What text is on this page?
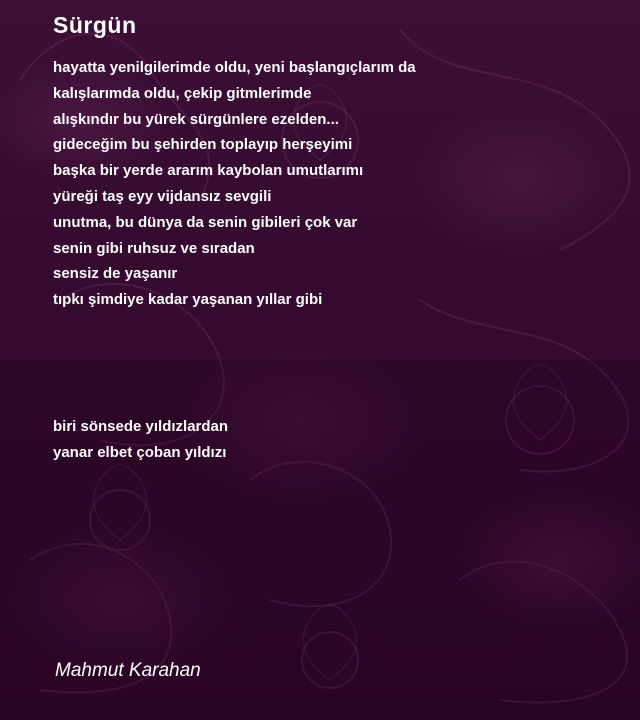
Sürgün
hayatta yenilgilerimde oldu, yeni başlangıçlarım da
kalışlarımda oldu, çekip gitmlerimde
alışkındır bu yürek sürgünlere ezelden...
gideceğim bu şehirden toplayıp herşeyimi
başka bir yerde ararım kaybolan umutlarımı
yüreği taş eyy vijdansız sevgili
unutma, bu dünya da senin gibileri çok var
senin gibi ruhsuz ve sıradan
sensiz de yaşanır
tıpkı şimdiye kadar yaşanan yıllar gibi
biri sönsede yıldızlardan
yanar elbet çoban yıldızı

Mahmut Karahan
